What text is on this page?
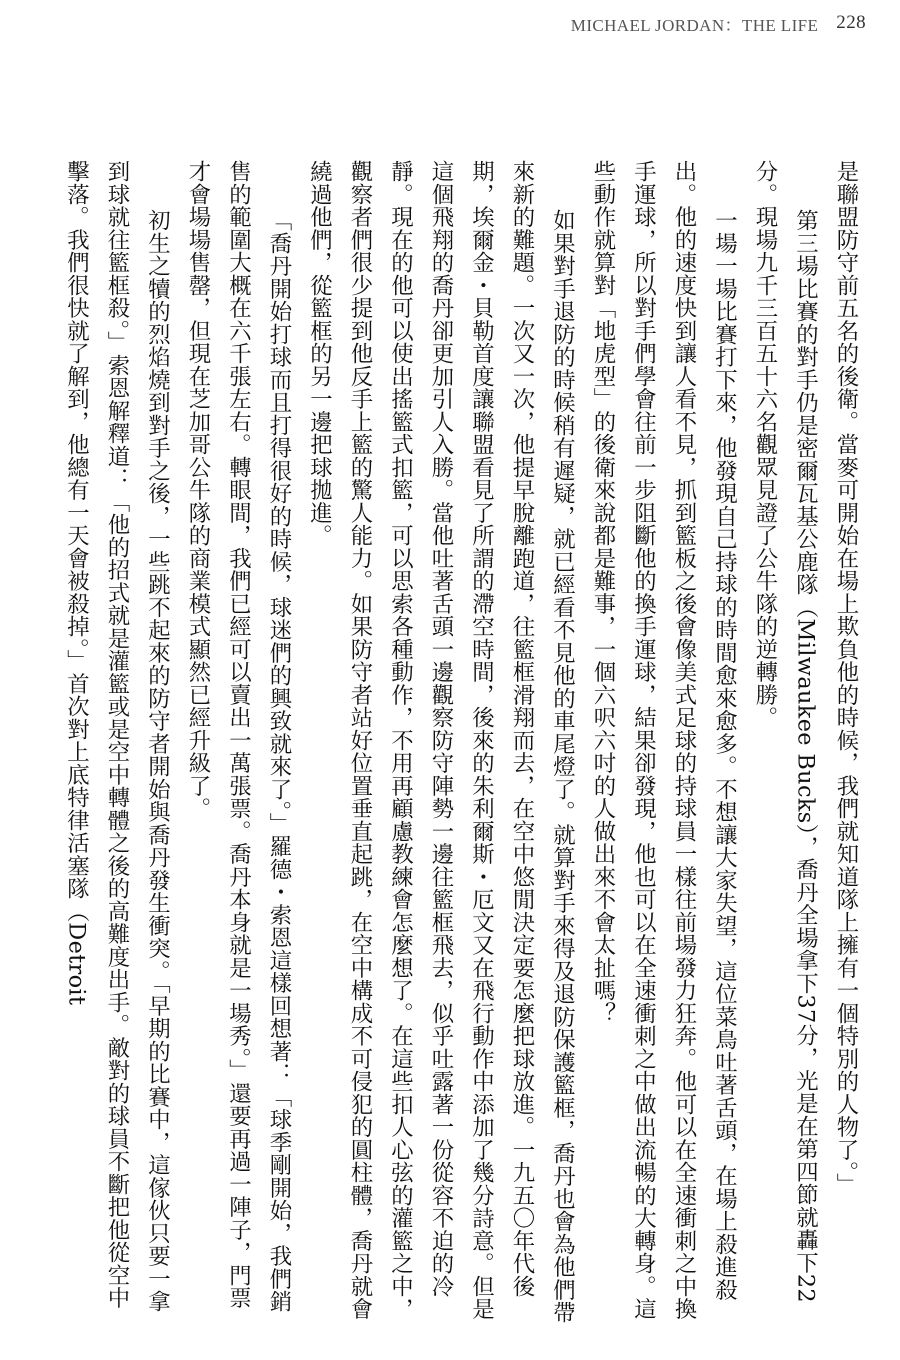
MICHAEL JORDAN：THE LIFE 228

是聯盟防守前五名的後衛。當麥可開始在場上欺負他的時候，我們就知道隊上擁有一個特別的人物了。」

第三場比賽的對手仍是密爾瓦基公鹿隊（Milwaukee Bucks），喬丹全場拿下37分，光是在第四節就轟下22分。現場九千三百五十六名觀眾見證了公牛隊的逆轉勝。

一場一場比賽打下來，他發現自己持球的時間愈來愈多。不想讓大家失望，這位菜鳥吐著舌頭，在場上殺進殺出。他的速度快到讓人看不見，抓到籃板之後會像美式足球的持球員一樣往前場發力狂奔。他可以在全速衝刺之中換手運球，所以對手們學會往前一步阻斷他的換手運球，結果卻發現，他也可以在全速衝刺之中做出流暢的大轉身。這些動作就算對「地虎型」的後衛來說都是難事，一個六呎六吋的人做出來不會太扯嗎？

如果對手退防的時候稍有遲疑，就已經看不見他的車尾燈了。就算對手來得及退防保護籃框，喬丹也會為他們帶來新的難題。一次又一次，他提早脫離跑道，往籃框滑翔而去，在空中悠閒決定要怎麼把球放進。一九五〇年代後期，埃爾金・貝勒首度讓聯盟看見了所謂的滯空時間，後來的朱利爾斯・厄文又在飛行動作中添加了幾分詩意。但是這個飛翔的喬丹卻更加引人入勝。當他吐著舌頭一邊觀察防守陣勢一邊往籃框飛去，似乎吐露著一份從容不迫的冷靜。現在的他可以使出搖籃式扣籃，可以思索各種動作，不用再顧慮教練會怎麼想了。在這些扣人心弦的灌籃之中，觀察者們很少提到他反手上籃的驚人能力。如果防守者站好位置垂直起跳，在空中構成不可侵犯的圓柱體，喬丹就會繞過他們，從籃框的另一邊把球拋進。

「喬丹開始打球而且打得很好的時候，球迷們的興致就來了。」羅德・索恩這樣回想著：「球季剛開始，我們銷售的範圍大概在六千張左右。轉眼間，我們已經可以賣出一萬張票。喬丹本身就是一場秀。」還要再過一陣子，門票才會場場售罄，但現在芝加哥公牛隊的商業模式顯然已經升級了。

初生之犢的烈焰燒到對手之後，一些跳不起來的防守者開始與喬丹發生衝突。「早期的比賽中，這傢伙只要一拿到球就往籃框殺。」索恩解釋道：「他的招式就是灌籃或是空中轉體之後的高難度出手。敵對的球員不斷把他從空中擊落。我們很快就了解到，他總有一天會被殺掉。」首次對上底特律活塞隊（Detroit
